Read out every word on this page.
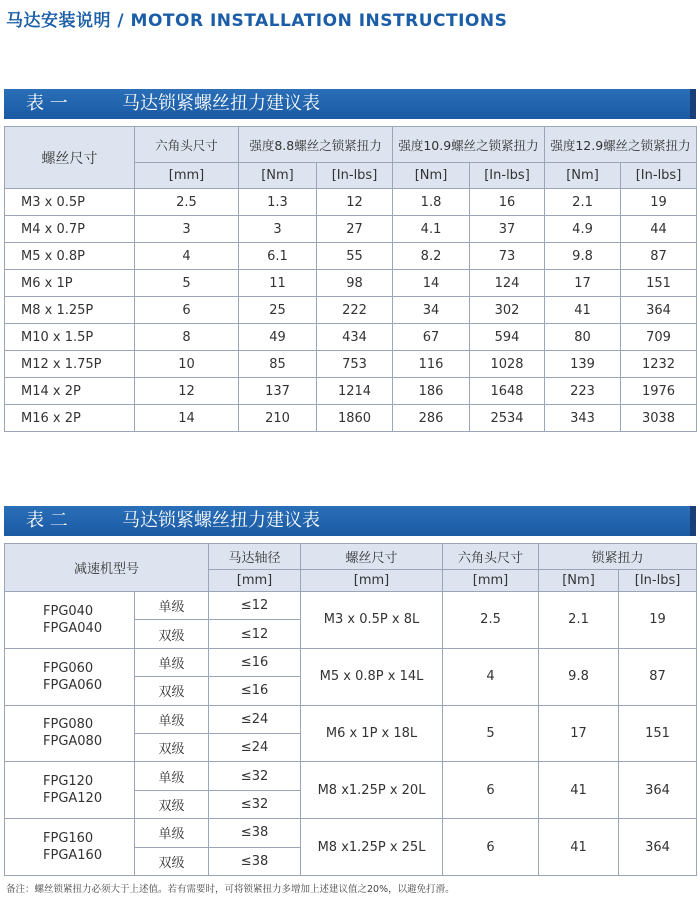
马达安装说明 / MOTOR INSTALLATION INSTRUCTIONS
表 一	马达锁紧螺丝扭力建议表
螺丝尺寸	六角头尺寸	强度8.8螺丝之锁紧扭力		强度10.9螺丝之锁紧扭力		强度12.9螺丝之锁紧扭力	
	[mm]	[Nm]	[In-lbs]	[Nm]	[In-lbs]	[Nm]	[In-lbs]
M3 x 0.5P	2.5	1.3	12	1.8	16	2.1	19
M4 x 0.7P	3	3	27	4.1	37	4.9	44
M5 x 0.8P	4	6.1	55	8.2	73	9.8	87
M6 x 1P	5	11	98	14	124	17	151
M8 x 1.25P	6	25	222	34	302	41	364
M10 x 1.5P	8	49	434	67	594	80	709
M12 x 1.75P	10	85	753	116	1028	139	1232
M14 x 2P	12	137	1214	186	1648	223	1976
M16 x 2P	14	210	1860	286	2534	343	3038
表 二	马达锁紧螺丝扭力建议表
减速机型号		马达轴径	螺丝尺寸	六角头尺寸	锁紧扭力	
		[mm]	[mm]	[mm]	[Nm]	[In-lbs]

FPG040
FPGA040	单级	≤12	M3 x 0.5P x 8L	2.5	2.1	19
	双级	≤12				

FPG060
FPGA060	单级	≤16	M5 x 0.8P x 14L	4	9.8	87
	双级	≤16				

FPG080
FPGA080	单级	≤24	M6 x 1P x 18L	5	17	151
	双级	≤24				

FPG120
FPGA120	单级	≤32	M8 x1.25P x 20L	6	41	364
	双级	≤32				

FPG160
FPGA160	单级	≤38	M8 x1.25P x 25L	6	41	364
	双级	≤38				
备注：螺丝锁紧扭力必须大于上述值。若有需要时，可将锁紧扭力多增加上述建议值之20%，以避免打滑。
